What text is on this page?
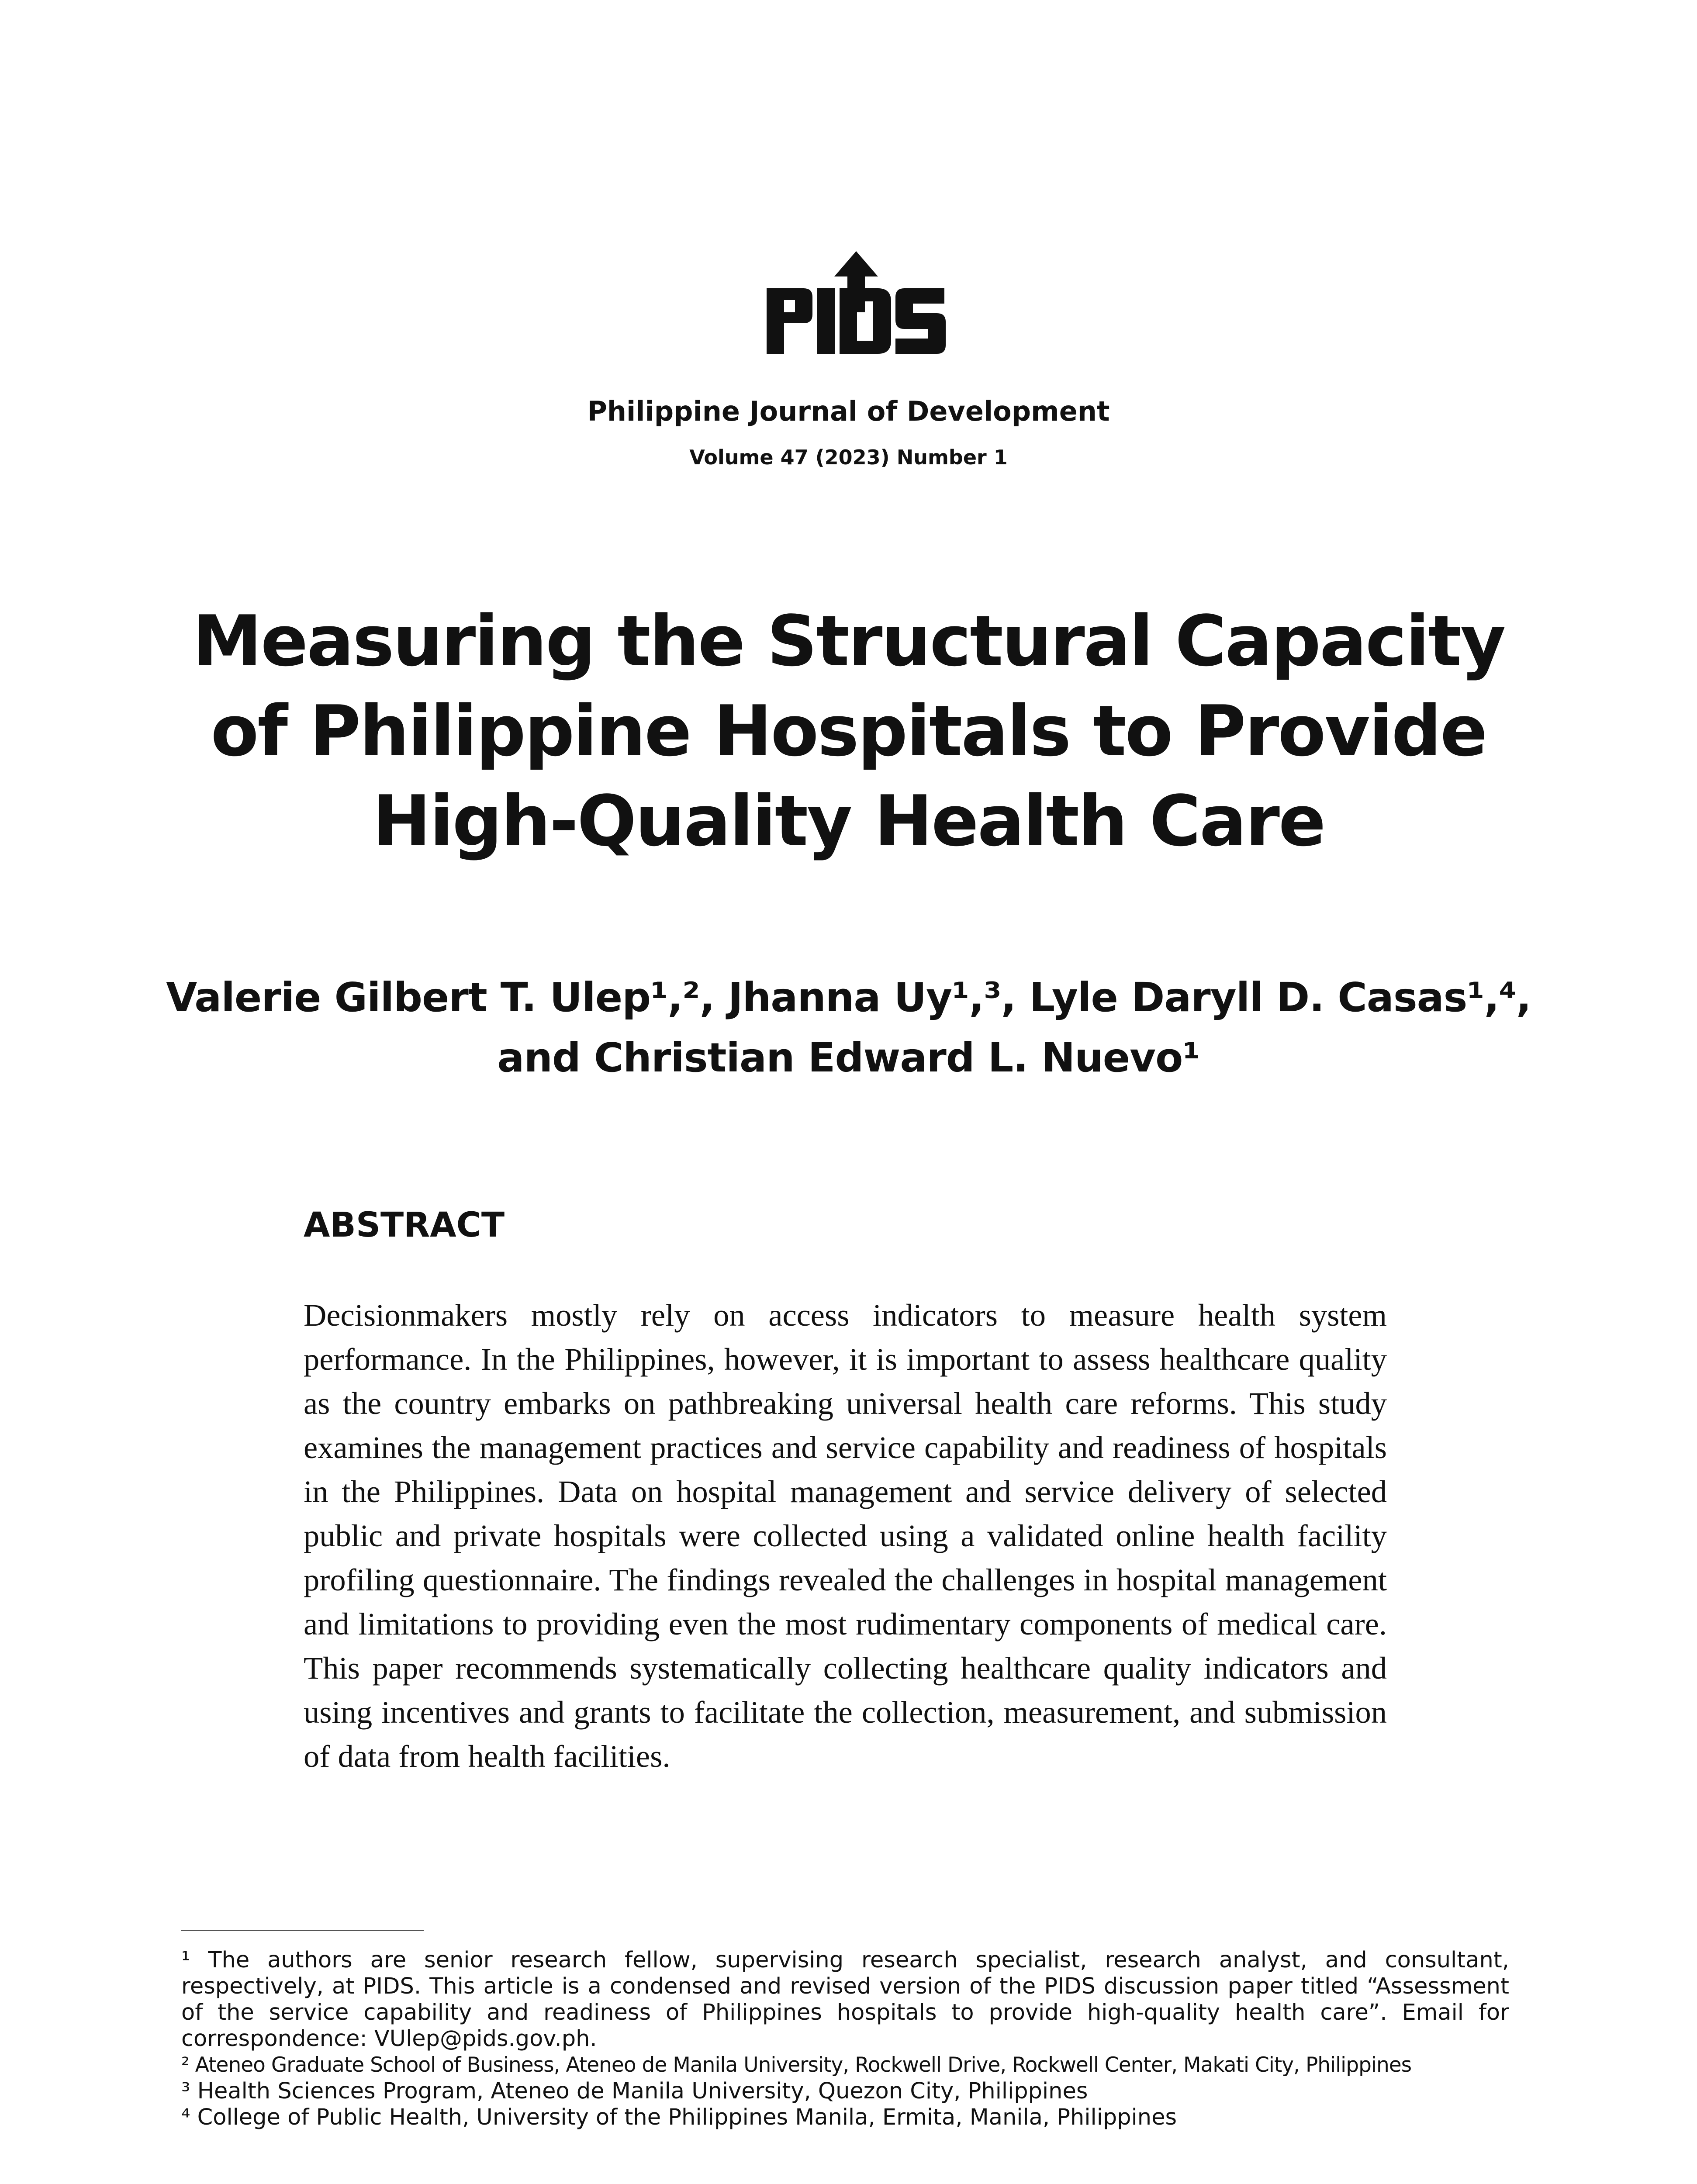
Philippine Journal of Development
Volume 47 (2023) Number 1
Measuring the Structural Capacity
of Philippine Hospitals to Provide
High-Quality Health Care
Valerie Gilbert T. Ulep¹,², Jhanna Uy¹,³, Lyle Daryll D. Casas¹,⁴,
and Christian Edward L. Nuevo¹
ABSTRACT

Decisionmakers mostly rely on access indicators to measure health system performance. In the Philippines, however, it is important to assess healthcare quality as the country embarks on pathbreaking universal health care reforms. This study examines the management practices and service capability and readiness of hospitals in the Philippines. Data on hospital management and service delivery of selected public and private hospitals were collected using a validated online health facility profiling questionnaire. The findings revealed the challenges in hospital management and limitations to providing even the most rudimentary components of medical care. This paper recommends systematically collecting healthcare quality indicators and using incentives and grants to facilitate the collection, measurement, and submission of data from health facilities.

¹ The authors are senior research fellow, supervising research specialist, research analyst, and consultant, respectively, at PIDS. This article is a condensed and revised version of the PIDS discussion paper titled “Assessment of the service capability and readiness of Philippines hospitals to provide high-quality health care”. Email for correspondence: VUlep@pids.gov.ph.

² Ateneo Graduate School of Business, Ateneo de Manila University, Rockwell Drive, Rockwell Center, Makati City, Philippines

³ Health Sciences Program, Ateneo de Manila University, Quezon City, Philippines

⁴ College of Public Health, University of the Philippines Manila, Ermita, Manila, Philippines
